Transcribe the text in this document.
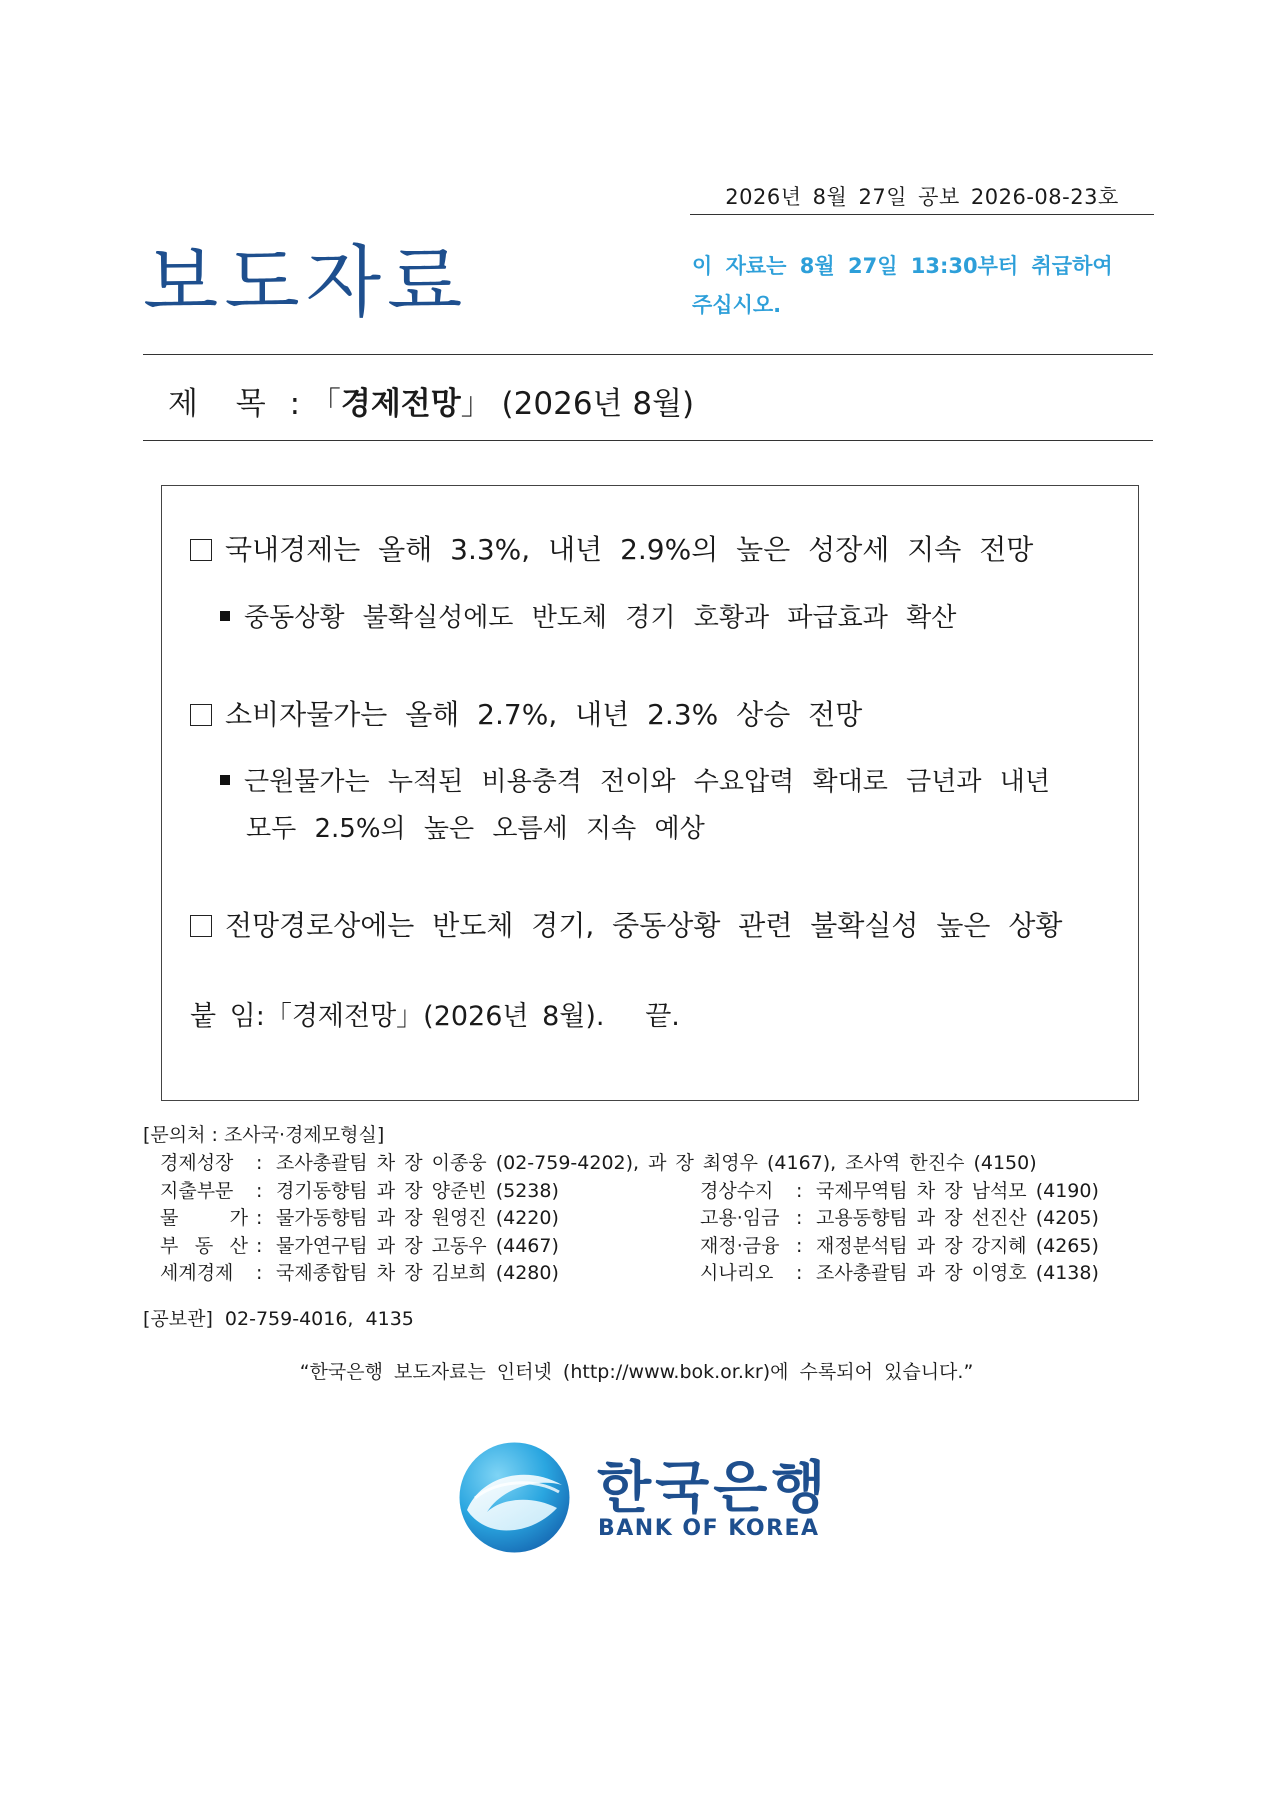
2026년 8월 27일 공보 2026-08-23호
보도자료	이 자료는 8월 27일 13:30부터 취급하여
주십시오.
제 목 : 「경제전망」 (2026년 8월)
국내경제는 올해 3.3%, 내년 2.9%의 높은 성장세 지속 전망
중동상황 불확실성에도 반도체 경기 호황과 파급효과 확산
소비자물가는 올해 2.7%, 내년 2.3% 상승 전망
근원물가는 누적된 비용충격 전이와 수요압력 확대로 금년과 내년
모두 2.5%의 높은 오름세 지속 예상
전망경로상에는 반도체 경기, 중동상황 관련 불확실성 높은 상황
붙 임:「경제전망」(2026년 8월). 끝.
[문의처 : 조사국·경제모형실]
경제성장	: 조사총괄팀 차 장 이종웅 (02-759-4202), 과 장 최영우 (4167), 조사역 한진수 (4150)
지출부문	: 경기동향팀 과 장 양준빈 (5238)	경상수지	: 국제무역팀 차 장 남석모 (4190)
물 가 : 물가동향팀 과 장 원영진 (4220)	고용·임금 : 고용동향팀 과 장 선진산 (4205)
부 동 산 : 물가연구팀 과 장 고동우 (4467)	재정·금융 : 재정분석팀 과 장 강지혜 (4265)
세계경제	: 국제종합팀 차 장 김보희 (4280)	시나리오	: 조사총괄팀 과 장 이영호 (4138)
[공보관] 02-759-4016, 4135
“한국은행 보도자료는 인터넷 (http://www.bok.or.kr)에 수록되어 있습니다.”
한국은행
BANK OF KOREA
